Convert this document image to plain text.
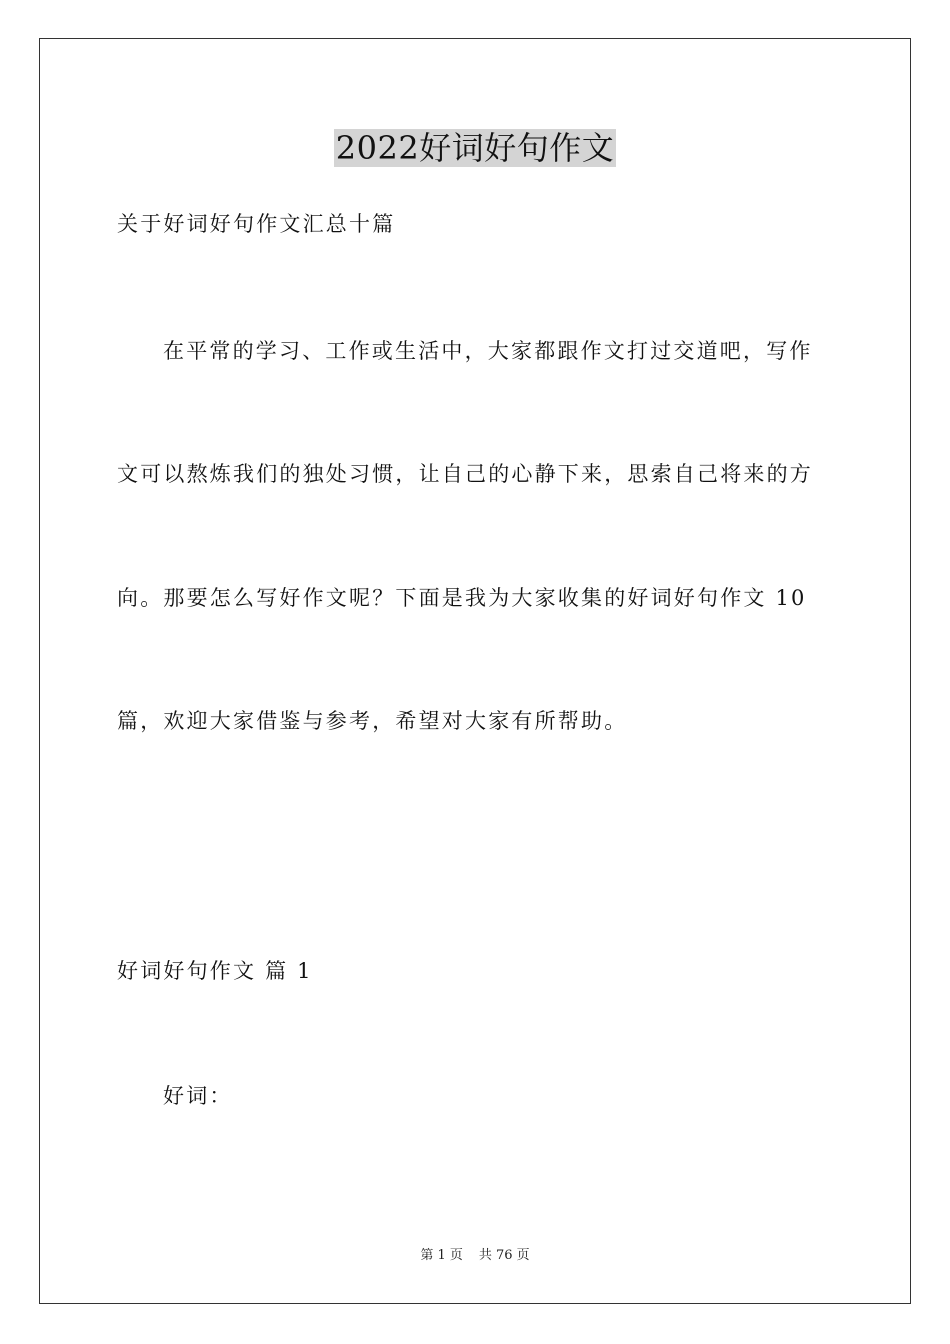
2022好词好句作文
关于好词好句作文汇总十篇
在平常的学习、工作或生活中，大家都跟作文打过交道吧，写作
文可以熬炼我们的独处习惯，让自己的心静下来，思索自己将来的方
向。那要怎么写好作文呢？下面是我为大家收集的好词好句作文 10
篇，欢迎大家借鉴与参考，希望对大家有所帮助。
好词好句作文 篇 1
好词：
第 1 页 共 76 页
